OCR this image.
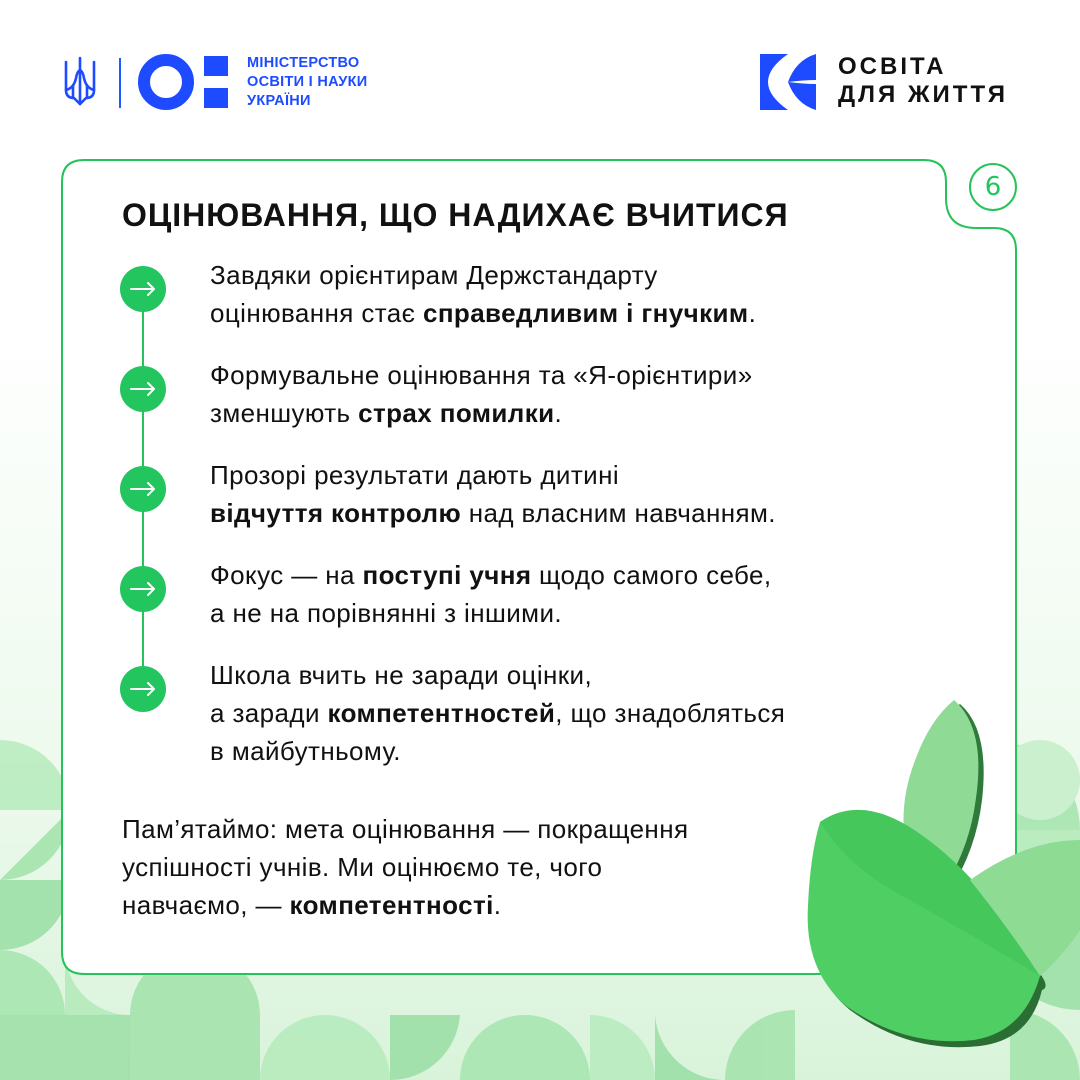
6
МІНІСТЕРСТВО
ОСВІТИ І НАУКИ
УКРАЇНИ
ОСВІТА
ДЛЯ ЖИТТЯ
ОЦІНЮВАННЯ, ЩО НАДИХАЄ ВЧИТИСЯ
Завдяки орієнтирам Держстандарту
оцінювання стає справедливим і гнучким.
Формувальне оцінювання та «Я-орієнтири»
зменшують страх помилки.
Прозорі результати дають дитині
відчуття контролю над власним навчанням.
Фокус — на поступі учня щодо самого себе,
а не на порівнянні з іншими.
Школа вчить не заради оцінки,
а заради компетентностей, що знадобляться
в майбутньому.
Пам’ятаймо: мета оцінювання — покращення
успішності учнів. Ми оцінюємо те, чого
навчаємо, — компетентності.
